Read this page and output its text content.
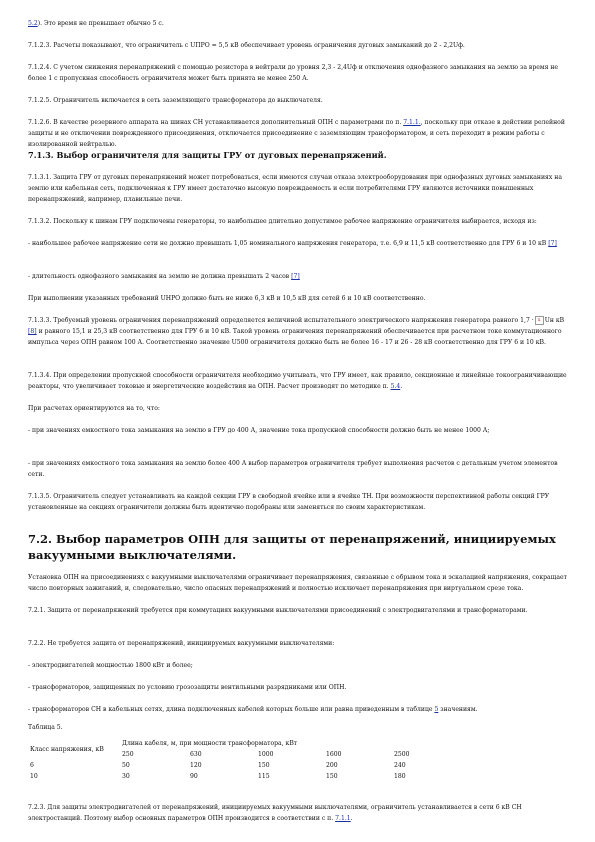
5.2). Это время не превышает обычно 5 с.

7.1.2.3. Расчеты показывают, что ограничитель с UПРО = 5,5 кВ обеспечивает уровень ограничения дуговых замыканий до 2 - 2,2Uф.

7.1.2.4. С учетом снижения перенапряжений с помощью резистора в нейтрали до уровня 2,3 - 2,4Uф и отключения однофазного замыкания на землю за время не более 1 с пропускная способность ограничителя может быть принята не менее 250 А.

7.1.2.5. Ограничитель включается в сеть заземляющего трансформатора до выключателя.

7.1.2.6. В качестве резервного аппарата на шинах СН устанавливается дополнительный ОПН с параметрами по п. 7.1.1., поскольку при отказе в действии релейной защиты и не отключении поврежденного присоединения, отключается присоединение с заземляющим трансформатором, и сеть переходит в режим работы с изолированной нейтралью.

7.1.3. Выбор ограничителя для защиты ГРУ от дуговых перенапряжений.

7.1.3.1. Защита ГРУ от дуговых перенапряжений может потребоваться, если имеются случаи отказа электрооборудования при однофазных дуговых замыканиях на землю или кабельная сеть, подключенная к ГРУ имеет достаточно высокую повреждаемость и если потребителями ГРУ являются источники повышенных перенапряжений, например, плавильные печи.

7.1.3.2. Поскольку к шинам ГРУ подключены генераторы, то наибольшее длительно допустимое рабочее напряжение ограничителя выбирается, исходя из:

- наибольшее рабочее напряжение сети не должно превышать 1,05 номинального напряжения генератора, т.е. 6,9 и 11,5 кВ соответственно для ГРУ 6 и 10 кВ [7]

- длительность однофазного замыкания на землю не должна превышать 2 часов [7]

При выполнении указанных требований UНРО должно быть не ниже 6,3 кВ и 10,5 кВ для сетей 6 и 10 кВ соответственно.

7.1.3.3. Требуемый уровень ограничения перенапряжений определяется величиной испытательного электрического напряжения генератора равного 1,7 · x Uн кВ [8] и равного 15,1 и 25,3 кВ соответственно для ГРУ 6 и 10 кВ. Такой уровень ограничения перенапряжений обеспечивается при расчетном токе коммутационного импульса через ОПН равном 100 А. Соответственно значение U500 ограничителя должно быть не более 16 - 17 и 26 - 28 кВ соответственно для ГРУ 6 и 10 кВ.

7.1.3.4. При определении пропускной способности ограничителя необходимо учитывать, что ГРУ имеет, как правило, секционные и линейные токоограничивающие реакторы, что увеличивает токовые и энергетические воздействия на ОПН. Расчет производят по методике п. 5.4.

При расчетах ориентируются на то, что:

- при значениях емкостного тока замыкания на землю в ГРУ до 400 А, значение тока пропускной способности должно быть не менее 1000 А;

- при значениях емкостного тока замыкания на землю более 400 А выбор параметров ограничителя требует выполнения расчетов с детальным учетом элементов сети.

7.1.3.5. Ограничитель следует устанавливать на каждой секции ГРУ в свободной ячейке или в ячейке ТН. При возможности перспективной работы секций ГРУ установленные на секциях ограничители должны быть идентично подобраны или заменяться по своим характеристикам.

7.2. Выбор параметров ОПН для защиты от перенапряжений, инициируемых вакуумными выключателями.

Установка ОПН на присоединениях с вакуумными выключателями ограничивает перенапряжения, связанные с обрывом тока и эскалацией напряжения, сокращает число повторных зажиганий, и, следовательно, число опасных перенапряжений и полностью исключает перенапряжения при виртуальном срезе тока.

7.2.1. Защита от перенапряжений требуется при коммутациях вакуумными выключателями присоединений с электродвигателями и трансформаторами.

7.2.2. Не требуется защита от перенапряжений, инициируемых вакуумными выключателями:

- электродвигателей мощностью 1800 кВт и более;

- трансформаторов, защищенных по условию грозозащиты вентильными разрядниками или ОПН.

- трансформаторов СН в кабельных сетях, длина подключенных кабелей которых больше или равна приведенным в таблице 5 значениям.

Таблица 5.

Класс напряжения, кВ	Длина кабеля, м, при мощности трансформатора, кВт				
	250	630	1000	1600	2500
6	50	120	150	200	240
10	30	90	115	150	180

7.2.3. Для защиты электродвигателей от перенапряжений, инициируемых вакуумными выключателями, ограничитель устанавливается в сети 6 кВ СН электростанций. Поэтому выбор основных параметров ОПН производится в соответствии с п. 7.1.1.
